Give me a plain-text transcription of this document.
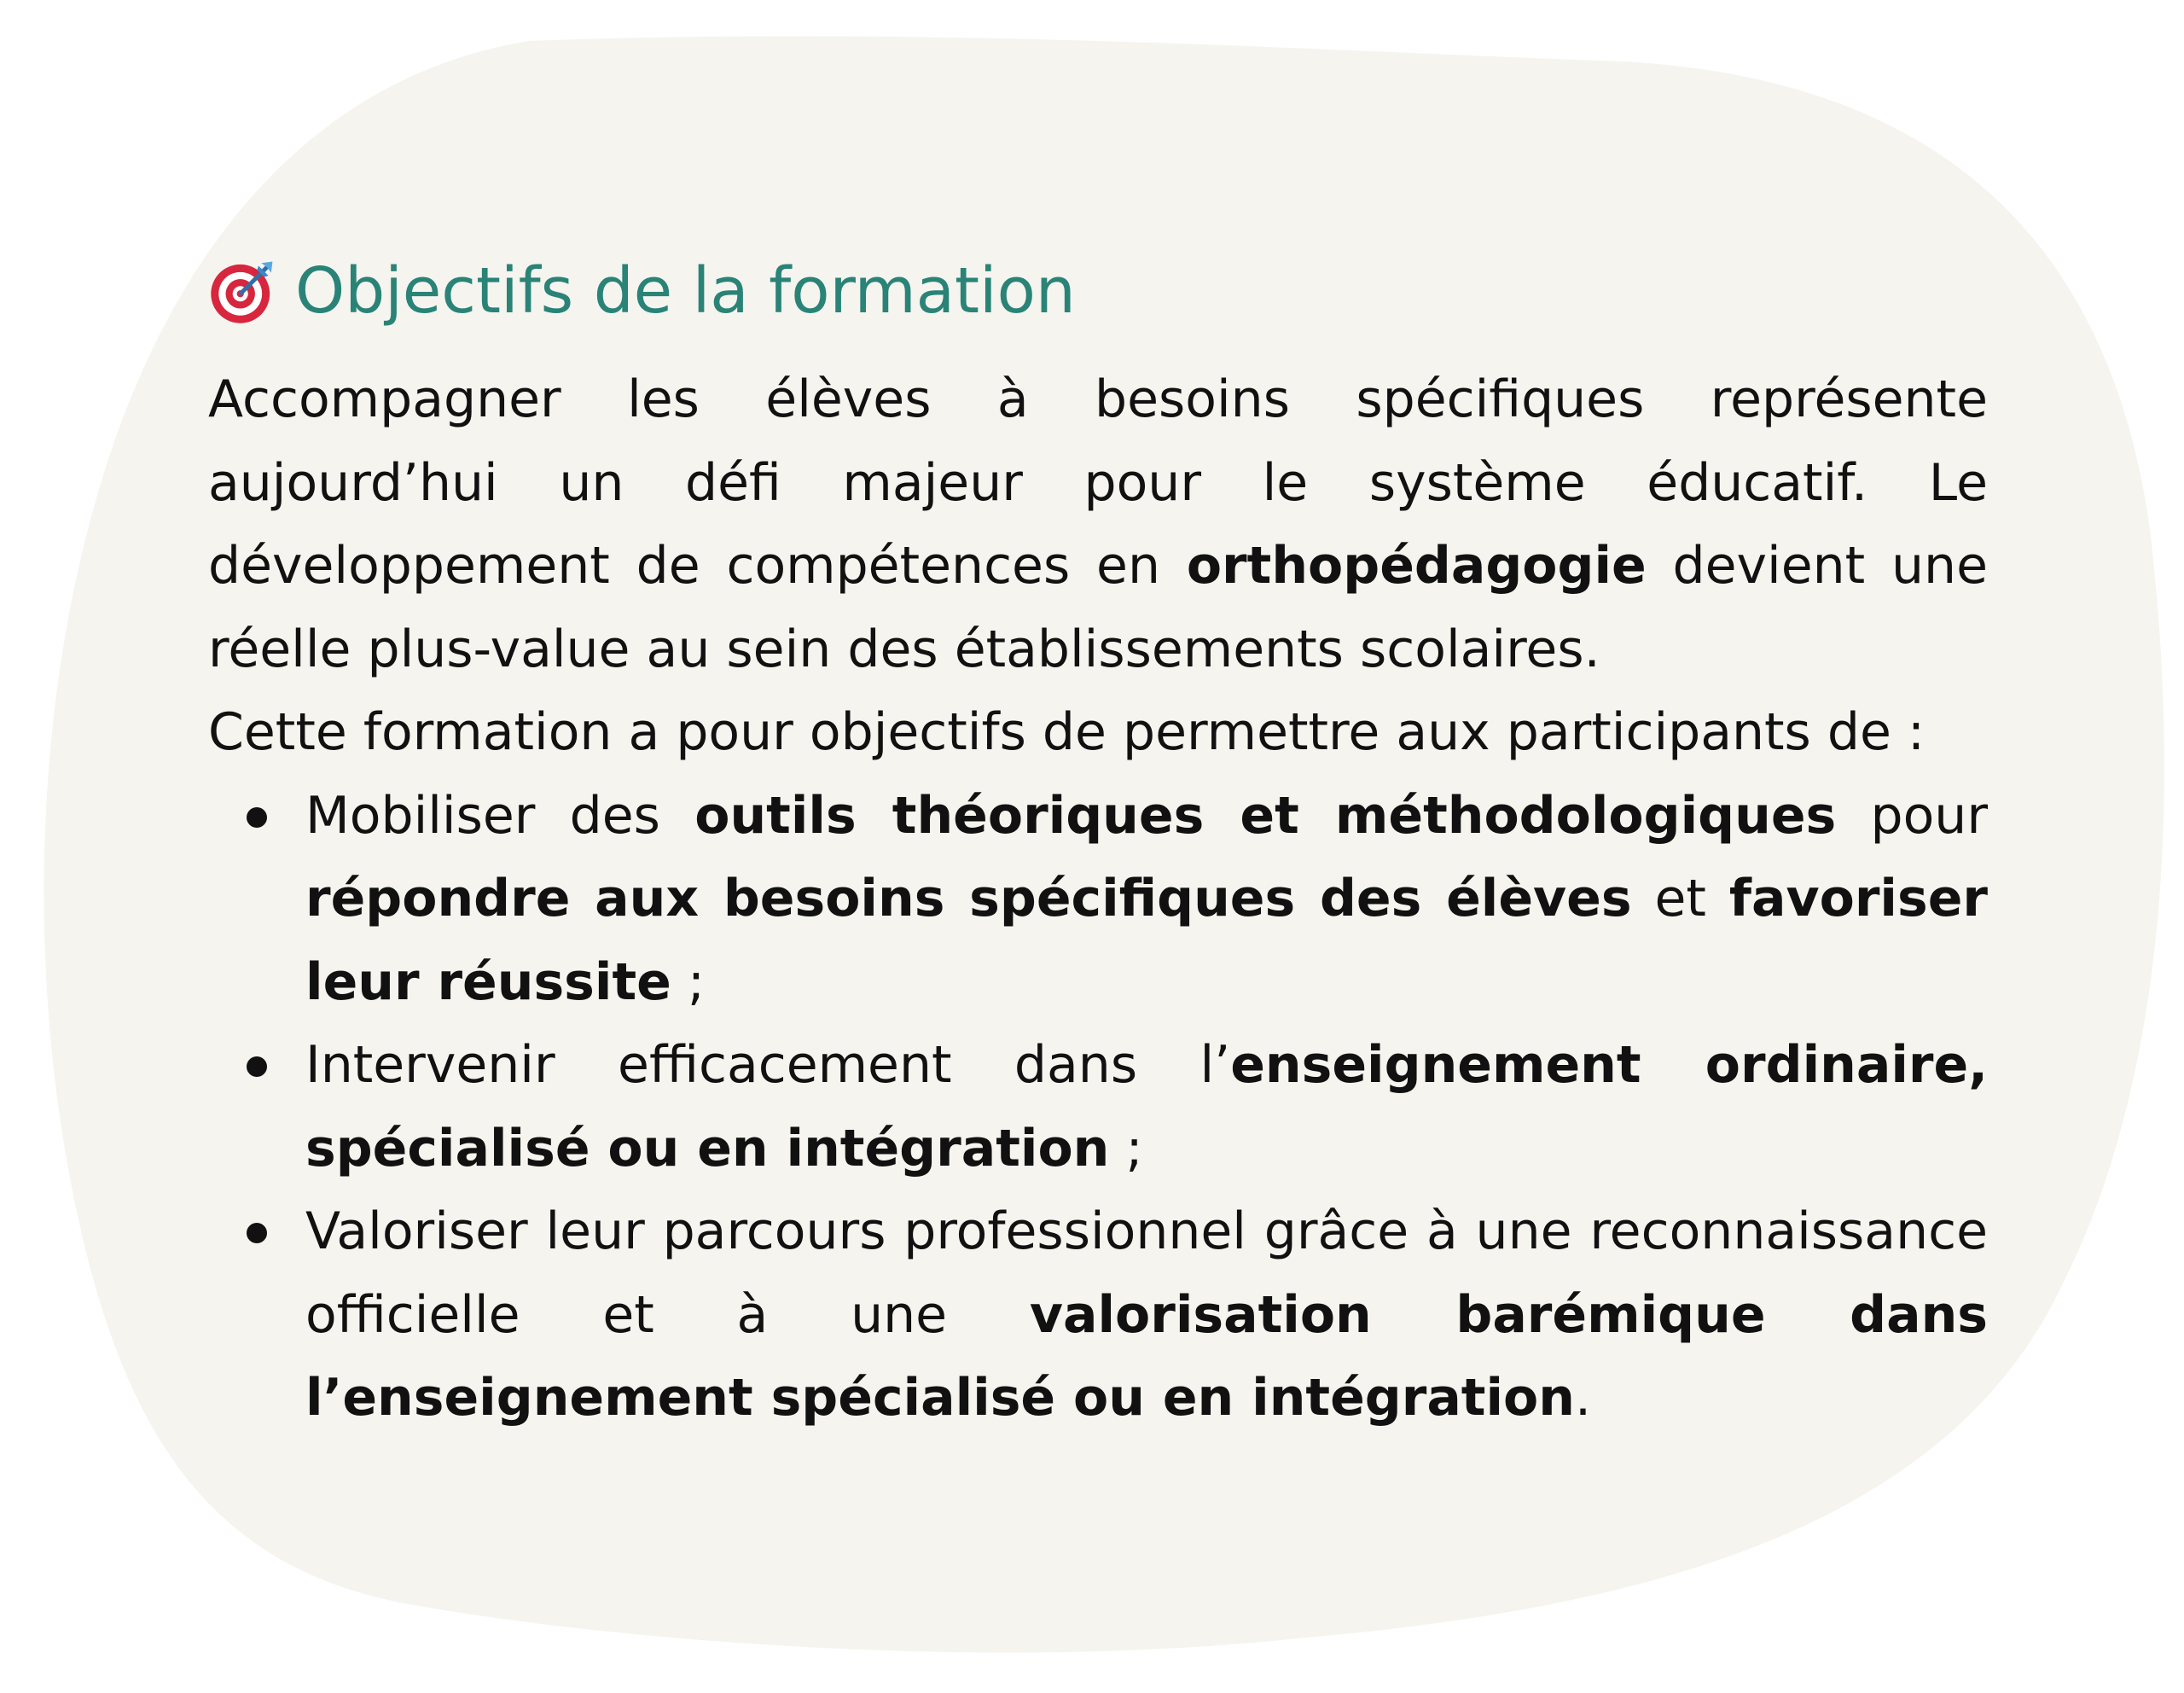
Objectifs de la formation

Accompagner les élèves à besoins spécifiques représente aujourd’hui un défi majeur pour le système éducatif. Le développement de compétences en orthopédagogie devient une réelle plus-value au sein des établissements scolaires.

Cette formation a pour objectifs de permettre aux participants de :

Mobiliser des outils théoriques et méthodologiques pour répondre aux besoins spécifiques des élèves et favoriser leur réussite ;
Intervenir efficacement dans l’enseignement ordinaire, spécialisé ou en intégration ;
Valoriser leur parcours professionnel grâce à une reconnaissance officielle et à une valorisation barémique dans l’enseignement spécialisé ou en intégration.
